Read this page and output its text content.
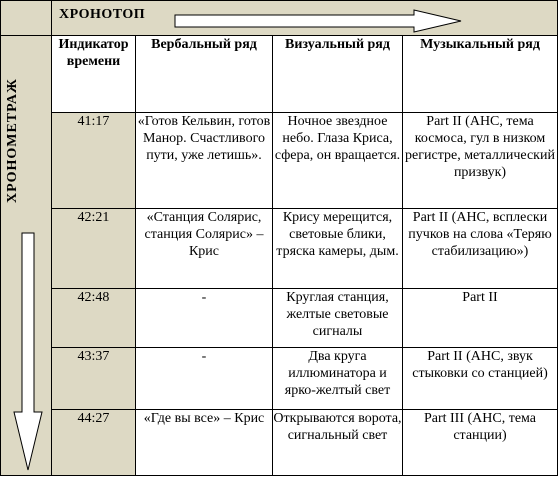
	ХРОНОТОП			

ХРОНОМЕТРАЖ	Индикатор времени	Вербальный ряд	Визуальный ряд	Музыкальный ряд
	41:17	«Готов Кельвин, готов Манор. Счастливого пути, уже летишь».	Ночное звездное небо. Глаза Криса, сфера, он вращается.	Part II (АНС, тема космоса, гул в низком регистре, металлический призвук)
	42:21	«Станция Солярис, станция Солярис» – Крис	Крису мерещится, световые блики, тряска камеры, дым.	Part II (АНС, всплески пучков на слова «Теряю стабилизацию»)
	42:48	-	Круглая станция, желтые световые сигналы	Part II
	43:37	-	Два круга иллюминатора и ярко-желтый свет	Part II (АНС, звук стыковки со станцией)
	44:27	«Где вы все» – Крис	Открываются ворота, сигнальный свет	Part III (АНС, тема станции)
